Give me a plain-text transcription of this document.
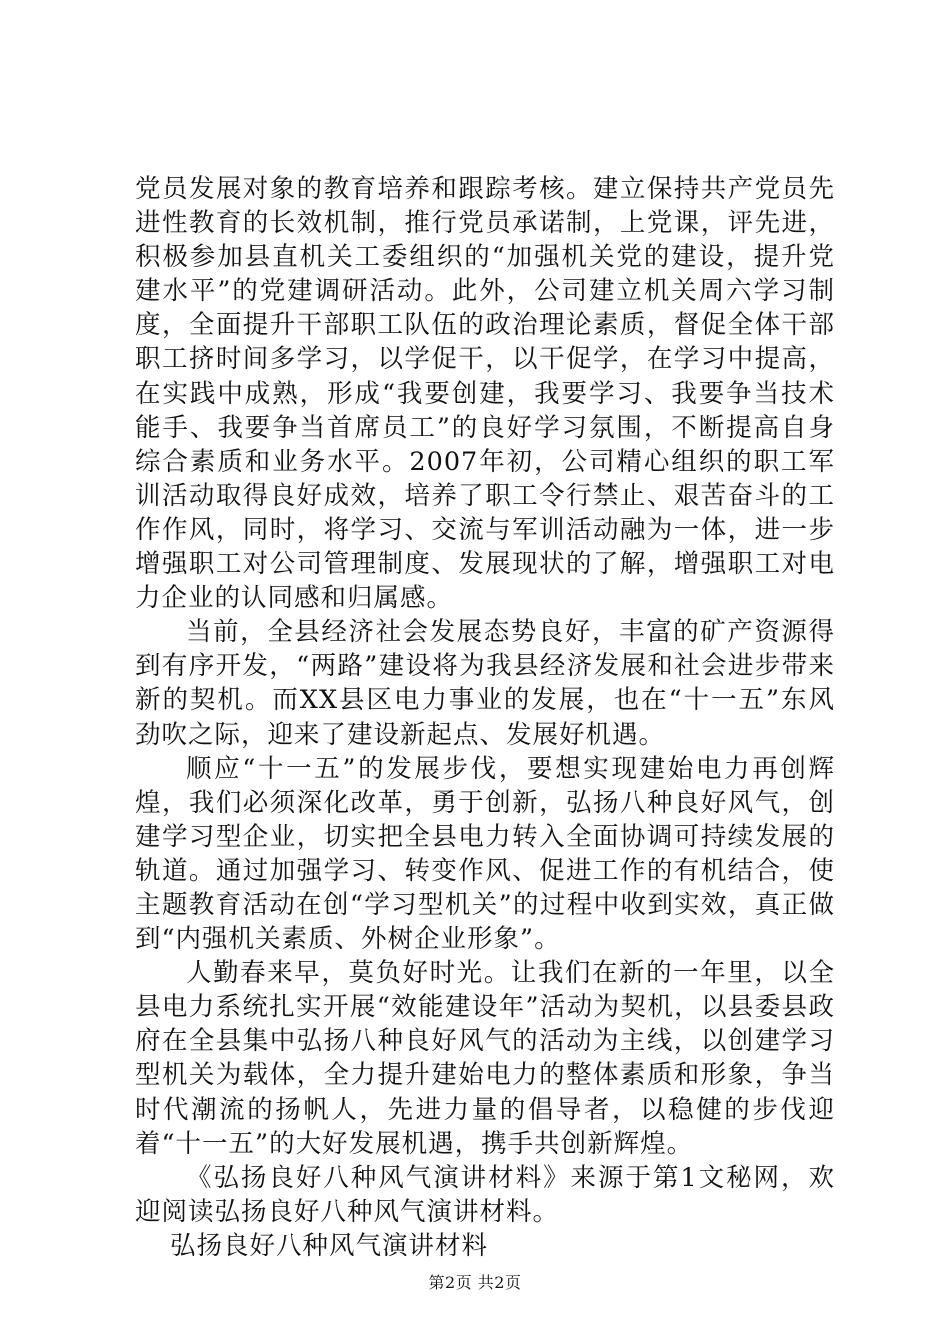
党员发展对象的教育培养和跟踪考核。建立保持共产党员先进性教育的长效机制，推行党员承诺制，上党课，评先进，积极参加县直机关工委组织的“加强机关党的建设，提升党建水平”的党建调研活动。此外，公司建立机关周六学习制度，全面提升干部职工队伍的政治理论素质，督促全体干部职工挤时间多学习，以学促干，以干促学，在学习中提高，在实践中成熟，形成“我要创建，我要学习、我要争当技术能手、我要争当首席员工”的良好学习氛围，不断提高自身综合素质和业务水平。2007年初，公司精心组织的职工军训活动取得良好成效，培养了职工令行禁止、艰苦奋斗的工作作风，同时，将学习、交流与军训活动融为一体，进一步增强职工对公司管理制度、发展现状的了解，增强职工对电力企业的认同感和归属感。

当前，全县经济社会发展态势良好，丰富的矿产资源得到有序开发，“两路”建设将为我县经济发展和社会进步带来新的契机。而XX县区电力事业的发展，也在“十一五”东风劲吹之际，迎来了建设新起点、发展好机遇。

顺应“十一五”的发展步伐，要想实现建始电力再创辉煌，我们必须深化改革，勇于创新，弘扬八种良好风气，创建学习型企业，切实把全县电力转入全面协调可持续发展的轨道。通过加强学习、转变作风、促进工作的有机结合，使主题教育活动在创“学习型机关”的过程中收到实效，真正做到“内强机关素质、外树企业形象”。

人勤春来早，莫负好时光。让我们在新的一年里，以全县电力系统扎实开展“效能建设年”活动为契机，以县委县政府在全县集中弘扬八种良好风气的活动为主线，以创建学习型机关为载体，全力提升建始电力的整体素质和形象，争当时代潮流的扬帆人，先进力量的倡导者，以稳健的步伐迎着“十一五”的大好发展机遇，携手共创新辉煌。

《弘扬良好八种风气演讲材料》来源于第1文秘网，欢迎阅读弘扬良好八种风气演讲材料。

弘扬良好八种风气演讲材料

第2页 共2页
